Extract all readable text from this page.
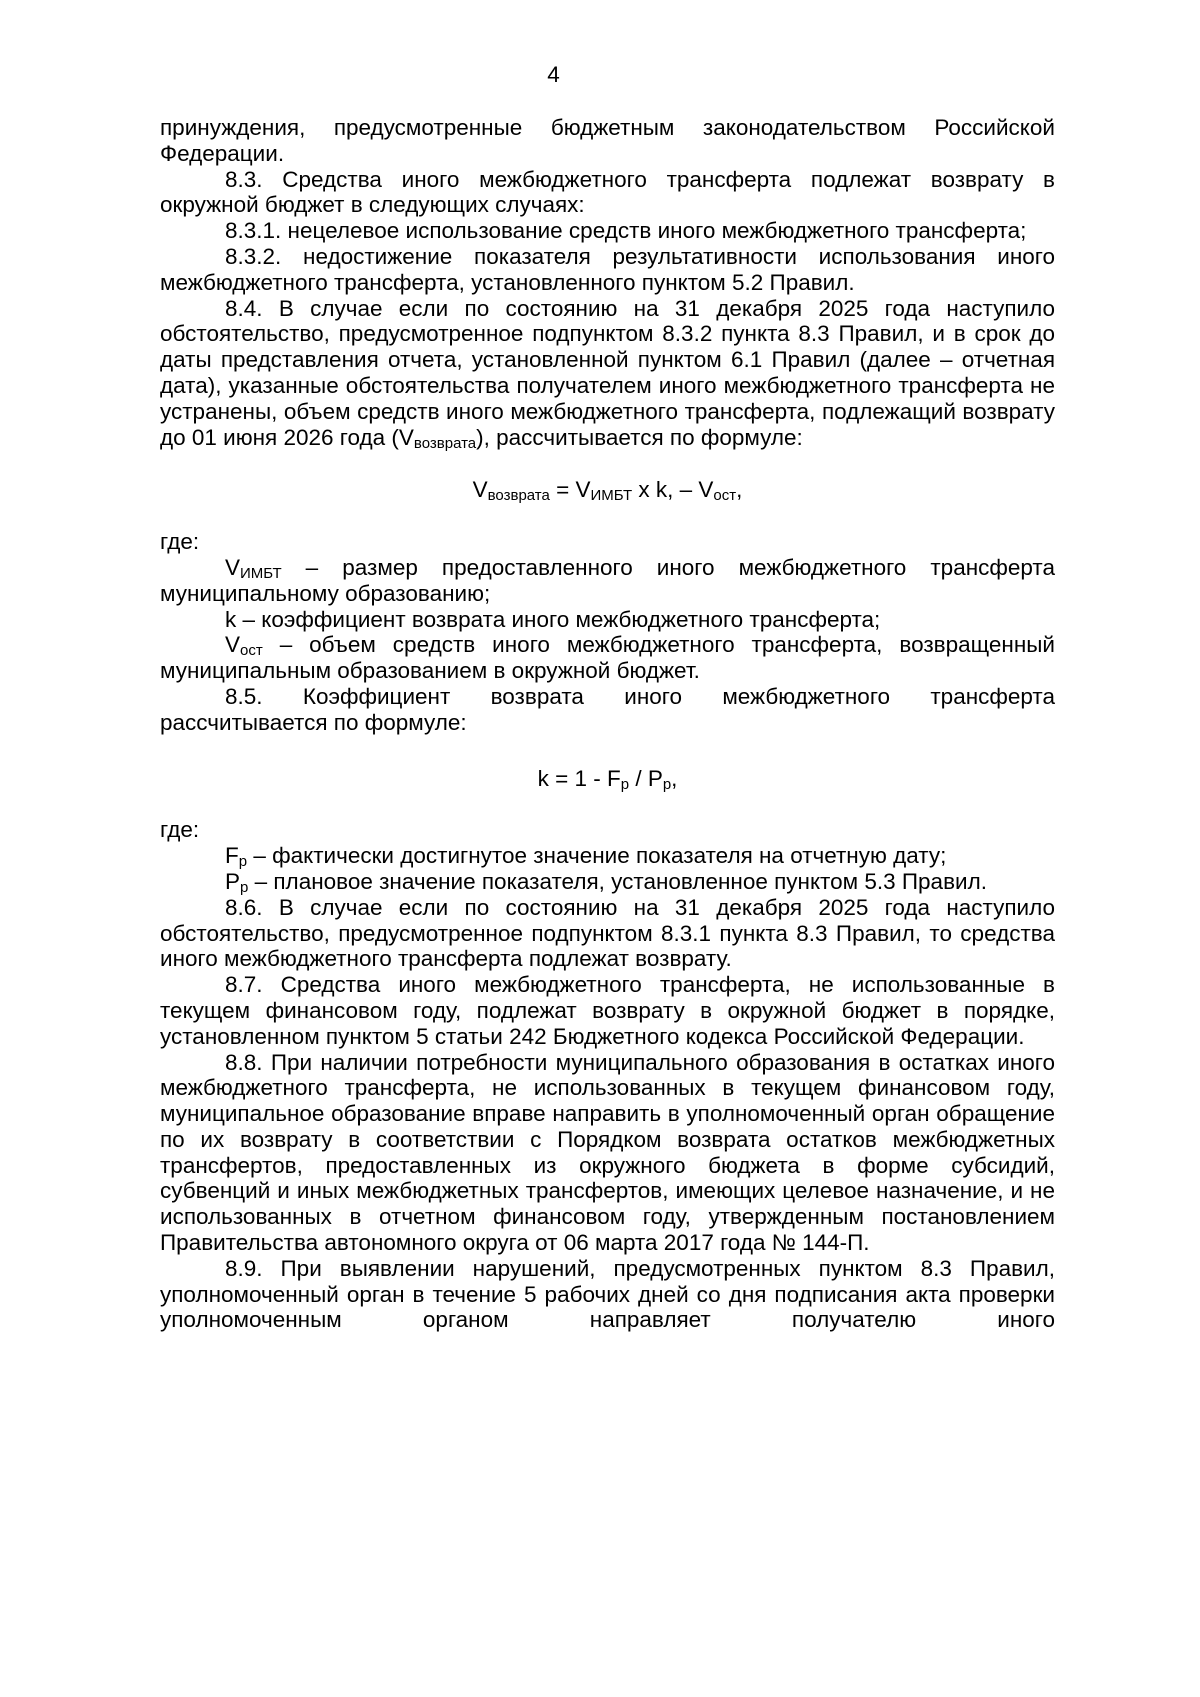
4

принуждения, предусмотренные бюджетным законодательством Российской Федерации.

8.3. Средства иного межбюджетного трансферта подлежат возврату в окружной бюджет в следующих случаях:

8.3.1. нецелевое использование средств иного межбюджетного трансферта;

8.3.2. недостижение показателя результативности использования иного межбюджетного трансферта, установленного пунктом 5.2 Правил.

8.4. В случае если по состоянию на 31 декабря 2025 года наступило обстоятельство, предусмотренное подпунктом 8.3.2 пункта 8.3 Правил, и в срок до даты представления отчета, установленной пунктом 6.1 Правил (далее – отчетная дата), указанные обстоятельства получателем иного межбюджетного трансферта не устранены, объем средств иного межбюджетного трансферта, подлежащий возврату до 01 июня 2026 года $(V_{возврата})$, рассчитывается по формуле:

$V_{возврата} = V_{ИМБТ}$ x k, – $V_{ост}$,

где:

$V_{ИМБТ}$ – размер предоставленного иного межбюджетного трансферта муниципальному образованию;

k – коэффициент возврата иного межбюджетного трансферта;

$V_{ост}$ – объем средств иного межбюджетного трансферта, возвращенный муниципальным образованием в окружной бюджет.

8.5. Коэффициент возврата иного межбюджетного трансферта рассчитывается по формуле:

$k = 1 - F_р / P_р$,

где:

$F_р$ – фактически достигнутое значение показателя на отчетную дату;

$P_р$ – плановое значение показателя, установленное пунктом 5.3 Правил.

8.6. В случае если по состоянию на 31 декабря 2025 года наступило обстоятельство, предусмотренное подпунктом 8.3.1 пункта 8.3 Правил, то средства иного межбюджетного трансферта подлежат возврату.

8.7. Средства иного межбюджетного трансферта, не использованные в текущем финансовом году, подлежат возврату в окружной бюджет в порядке, установленном пунктом 5 статьи 242 Бюджетного кодекса Российской Федерации.

8.8. При наличии потребности муниципального образования в остатках иного межбюджетного трансферта, не использованных в текущем финансовом году, муниципальное образование вправе направить в уполномоченный орган обращение по их возврату в соответствии с Порядком возврата остатков межбюджетных трансфертов, предоставленных из окружного бюджета в форме субсидий, субвенций и иных межбюджетных трансфертов, имеющих целевое назначение, и не использованных в отчетном финансовом году, утвержденным постановлением Правительства автономного округа от 06 марта 2017 года № 144-П.

8.9. При выявлении нарушений, предусмотренных пунктом 8.3 Правил, уполномоченный орган в течение 5 рабочих дней со дня подписания акта проверки уполномоченным органом направляет получателю иного
